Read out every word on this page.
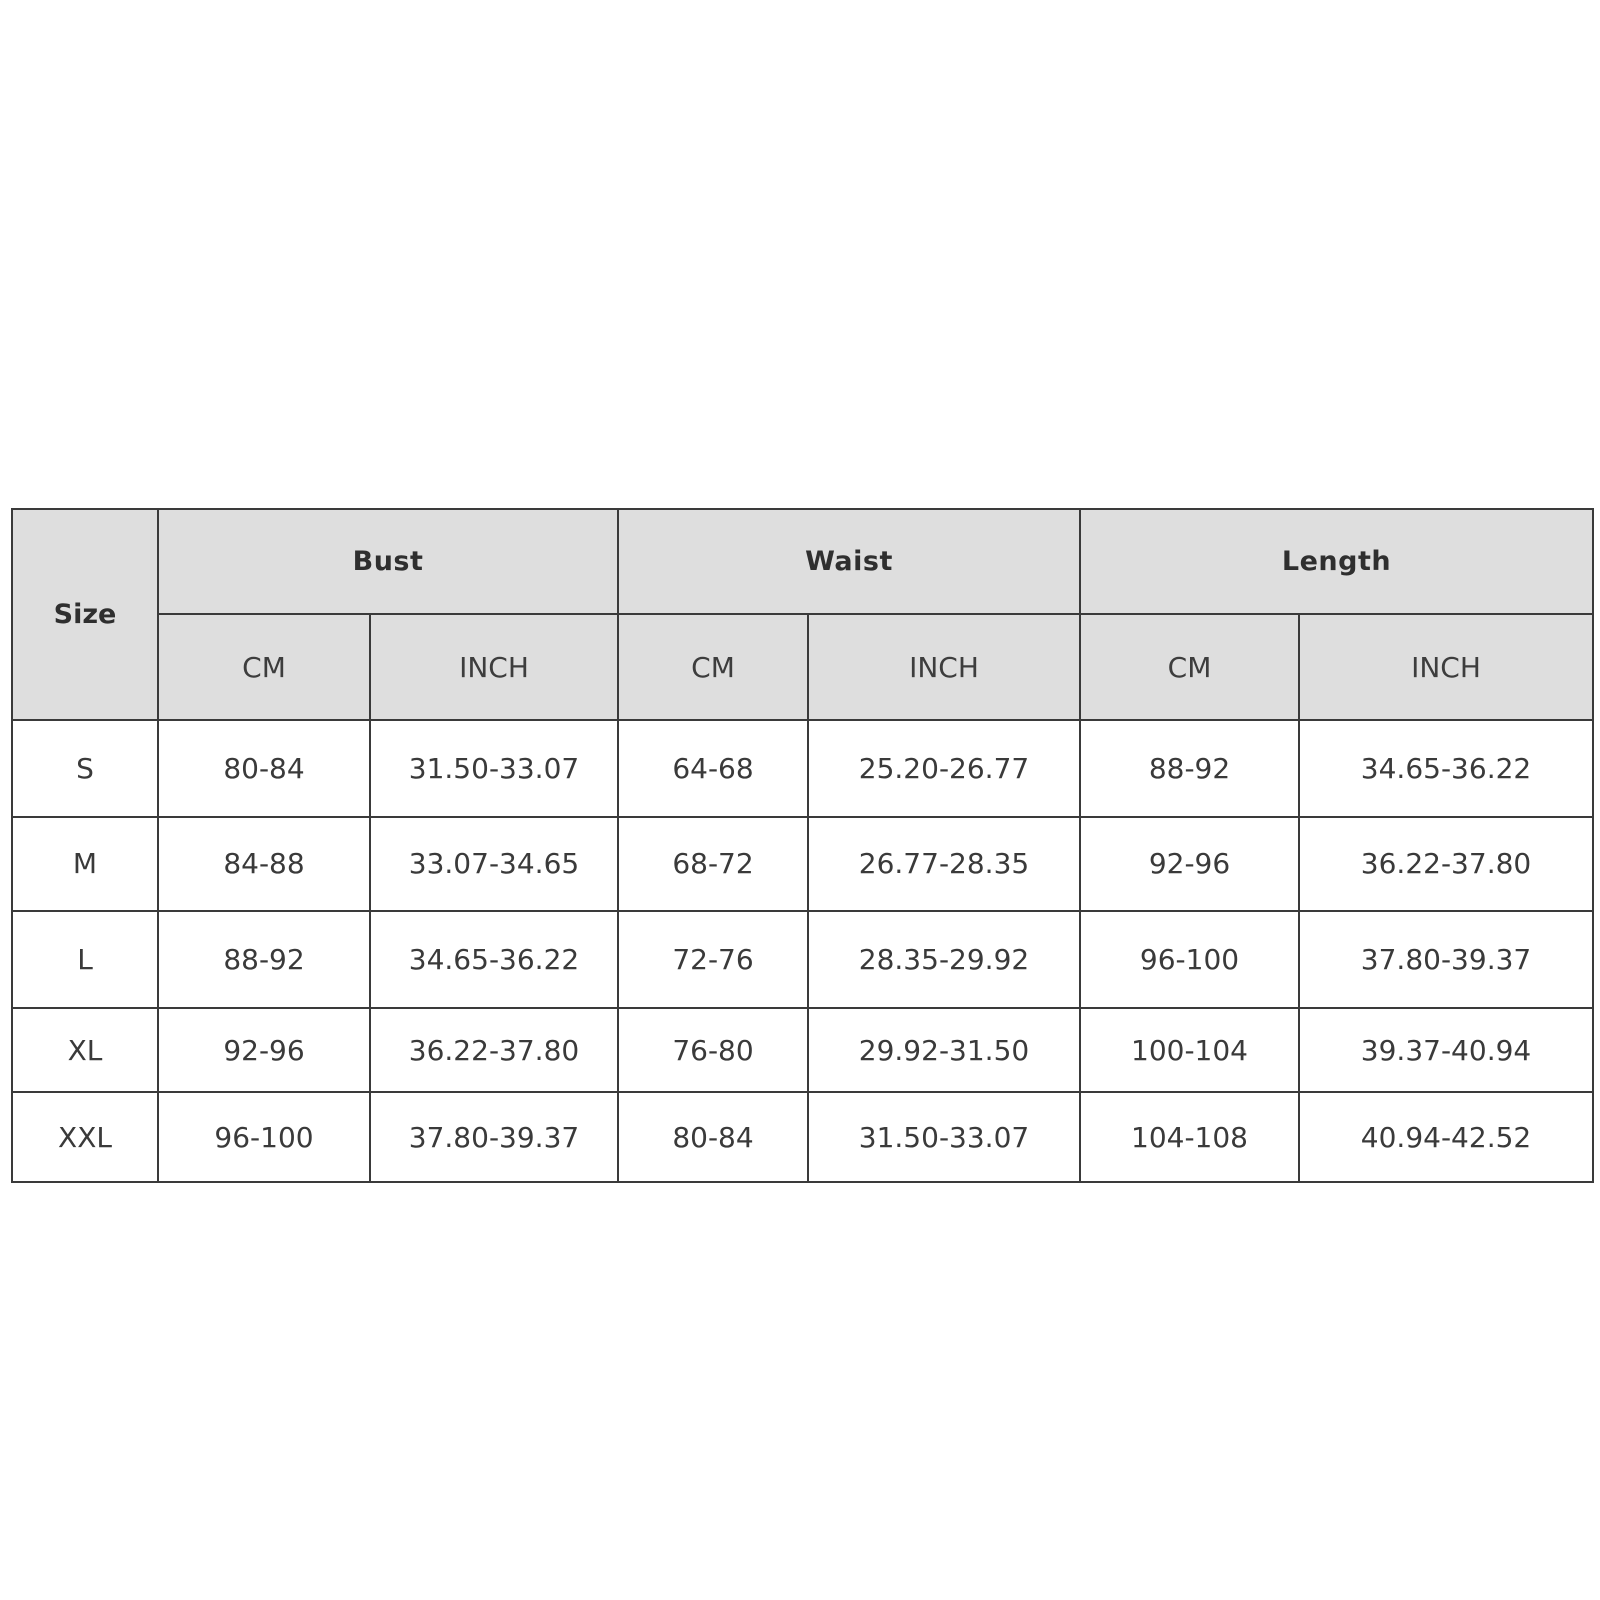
Size	Bust		Waist		Length	
	CM	INCH	CM	INCH	CM	INCH
S	80-84	31.50-33.07	64-68	25.20-26.77	88-92	34.65-36.22
M	84-88	33.07-34.65	68-72	26.77-28.35	92-96	36.22-37.80
L	88-92	34.65-36.22	72-76	28.35-29.92	96-100	37.80-39.37
XL	92-96	36.22-37.80	76-80	29.92-31.50	100-104	39.37-40.94
XXL	96-100	37.80-39.37	80-84	31.50-33.07	104-108	40.94-42.52
